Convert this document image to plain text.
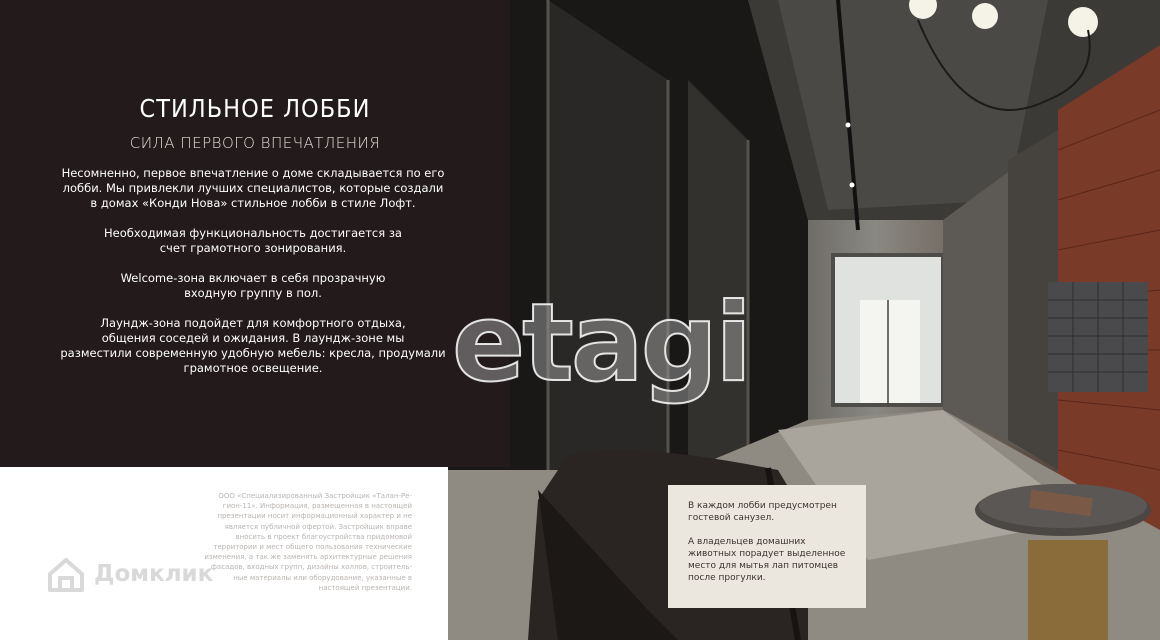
СТИЛЬНОЕ ЛОББИ
СИЛА ПЕРВОГО ВПЕЧАТЛЕНИЯ

Несомненно, первое впечатление о доме складывается по его
лобби. Мы привлекли лучших специалистов, которые создали
в домах «Конди Нова» стильное лобби в стиле Лофт.

Необходимая функциональность достигается за
счет грамотного зонирования.

Welcome-зона включает в себя прозрачную
входную группу в пол.

Лаундж-зона подойдет для комфортного отдыха,
общения соседей и ожидания. В лаундж-зоне мы
разместили современную удобную мебель: кресла, продумали
грамотное освещение.

ООО «Специализированный Застройщик «Талан-Ре-гион-11». Информация, размещенная в настоящей презентации носит информационный характер и не является публичной офертой. Застройщик вправе вносить в проект благоустройства придомовой территории и мест общего пользования технические изменения, а так же заменять архитектурные решения фасадов, входных групп, дизайны холлов, строитель-ные материалы или оборудование, указанные в настоящей презентации.
Домклик
etagi

В каждом лобби предусмотрен
гостевой санузел.

А владельцев домашних
животных порадует выделенное
место для мытья лап питомцев
после прогулки.
